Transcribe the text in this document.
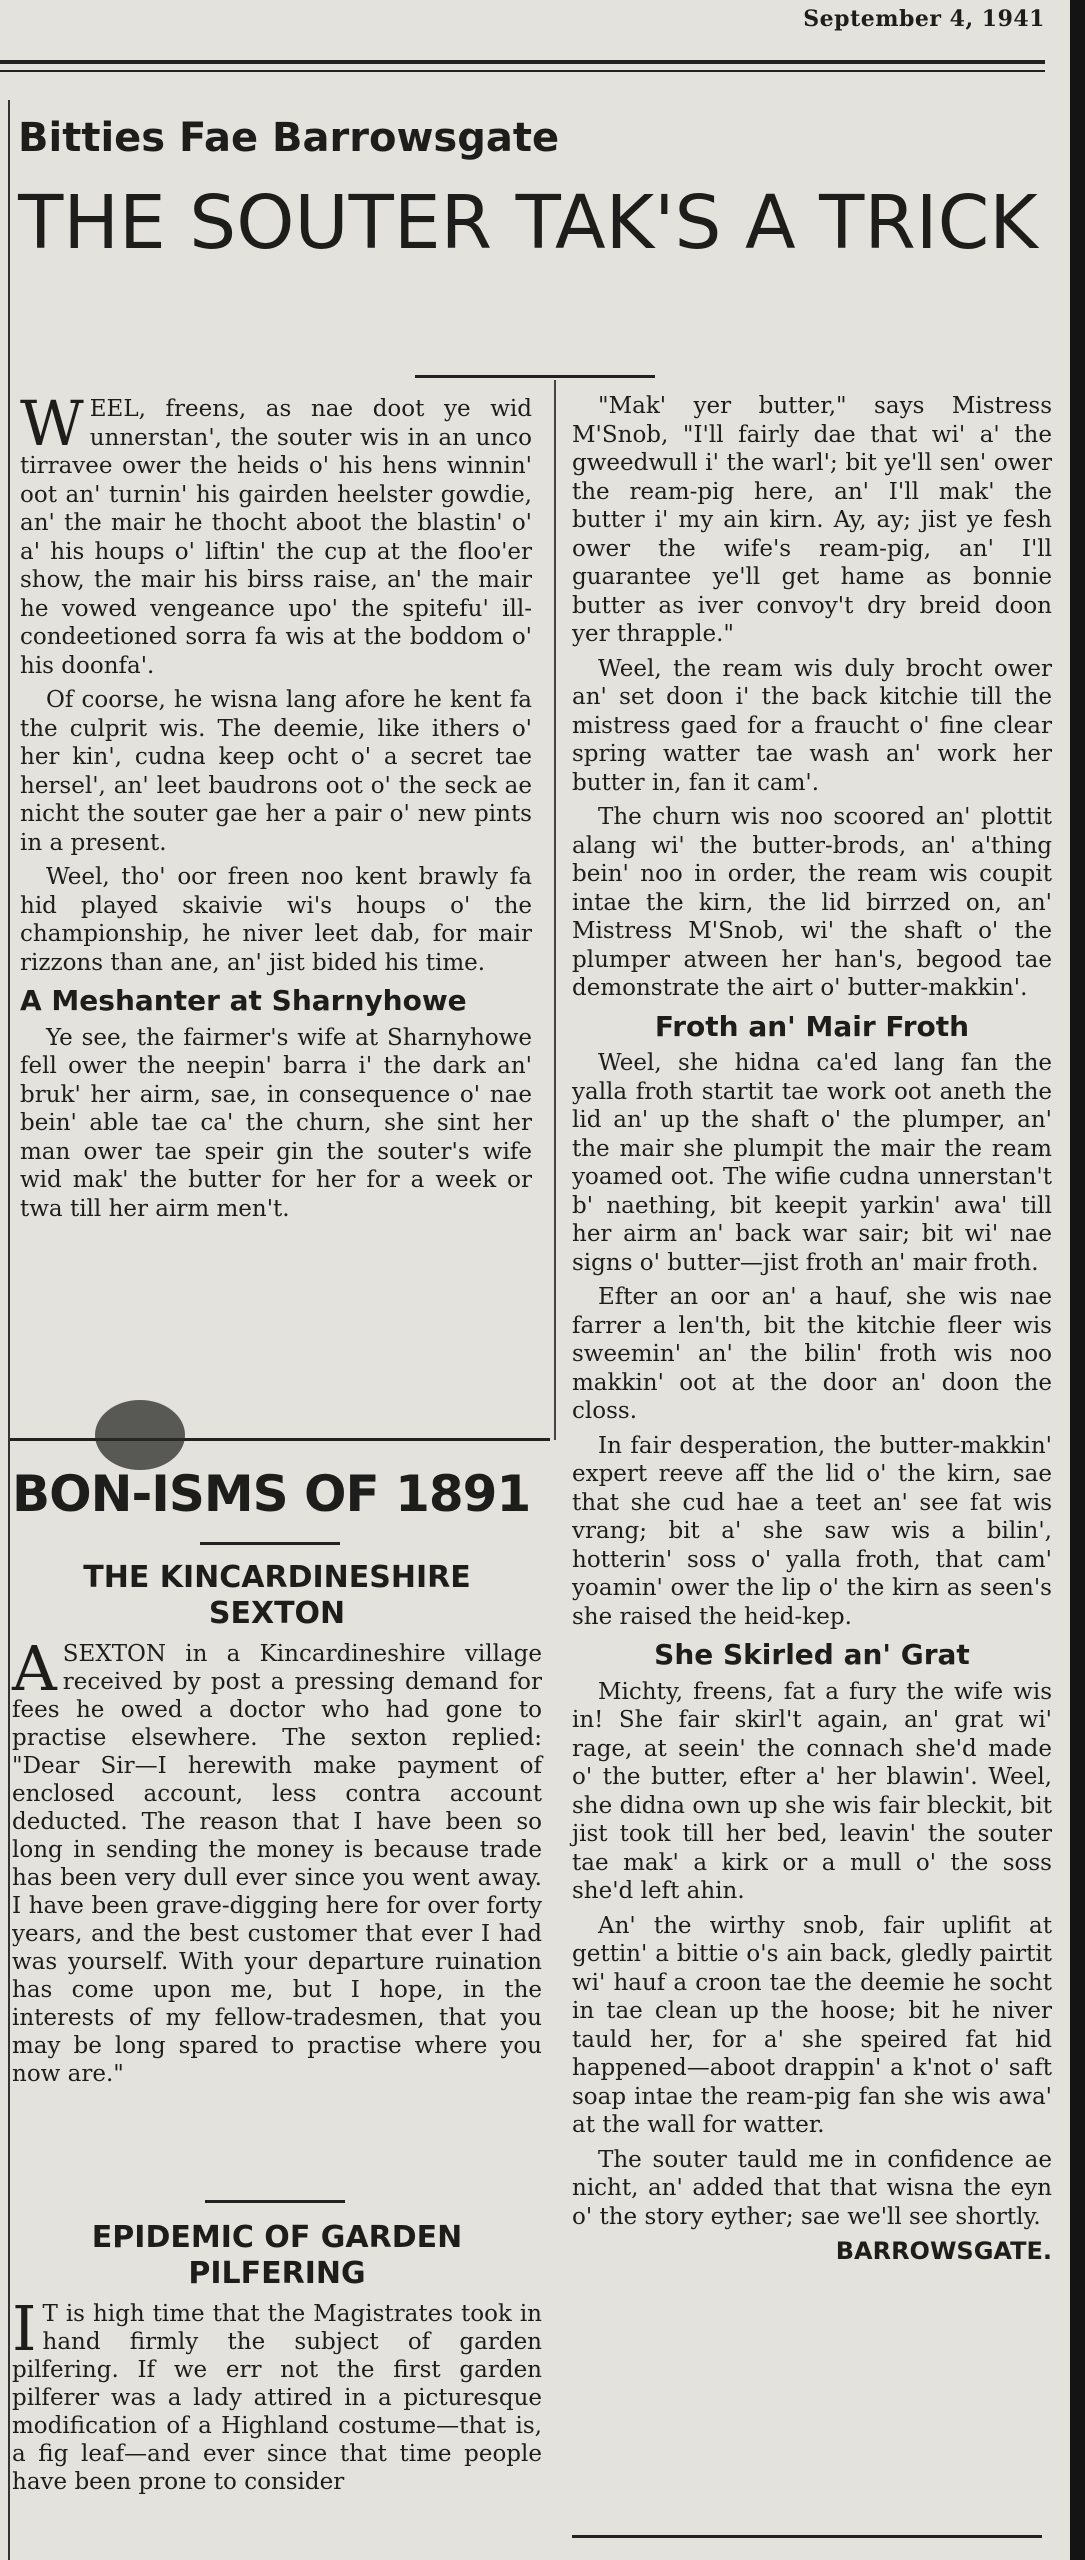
September 4, 1941
Bitties Fae Barrowsgate
THE SOUTER TAK'S A TRICK

WEEL, freens, as nae doot ye wid unnerstan', the souter wis in an unco tirravee ower the heids o' his hens winnin' oot an' turnin' his gairden heelster gowdie, an' the mair he thocht aboot the blastin' o' a' his houps o' liftin' the cup at the floo'er show, the mair his birss raise, an' the mair he vowed vengeance upo' the spitefu' ill-condeetioned sorra fa wis at the boddom o' his doonfa'.

Of coorse, he wisna lang afore he kent fa the culprit wis. The deemie, like ithers o' her kin', cudna keep ocht o' a secret tae hersel', an' leet baudrons oot o' the seck ae nicht the souter gae her a pair o' new pints in a present.

Weel, tho' oor freen noo kent brawly fa hid played skaivie wi's houps o' the championship, he niver leet dab, for mair rizzons than ane, an' jist bided his time.

A Meshanter at Sharnyhowe

Ye see, the fairmer's wife at Sharnyhowe fell ower the neepin' barra i' the dark an' bruk' her airm, sae, in consequence o' nae bein' able tae ca' the churn, she sint her man ower tae speir gin the souter's wife wid mak' the butter for her for a week or twa till her airm men't.

"Mak' yer butter," says Mistress M'Snob, "I'll fairly dae that wi' a' the gweedwull i' the warl'; bit ye'll sen' ower the ream-pig here, an' I'll mak' the butter i' my ain kirn. Ay, ay; jist ye fesh ower the wife's ream-pig, an' I'll guarantee ye'll get hame as bonnie butter as iver convoy't dry breid doon yer thrapple."

Weel, the ream wis duly brocht ower an' set doon i' the back kitchie till the mistress gaed for a fraucht o' fine clear spring watter tae wash an' work her butter in, fan it cam'.

The churn wis noo scoored an' plottit alang wi' the butter-brods, an' a'thing bein' noo in order, the ream wis coupit intae the kirn, the lid birrzed on, an' Mistress M'Snob, wi' the shaft o' the plumper atween her han's, begood tae demonstrate the airt o' butter-makkin'.

Froth an' Mair Froth

Weel, she hidna ca'ed lang fan the yalla froth startit tae work oot aneth the lid an' up the shaft o' the plumper, an' the mair she plumpit the mair the ream yoamed oot. The wifie cudna unnerstan't b' naething, bit keepit yarkin' awa' till her airm an' back war sair; bit wi' nae signs o' butter—jist froth an' mair froth.

Efter an oor an' a hauf, she wis nae farrer a len'th, bit the kitchie fleer wis sweemin' an' the bilin' froth wis noo makkin' oot at the door an' doon the closs.

In fair desperation, the butter-makkin' expert reeve aff the lid o' the kirn, sae that she cud hae a teet an' see fat wis vrang; bit a' she saw wis a bilin', hotterin' soss o' yalla froth, that cam' yoamin' ower the lip o' the kirn as seen's she raised the heid-kep.

She Skirled an' Grat

Michty, freens, fat a fury the wife wis in! She fair skirl't again, an' grat wi' rage, at seein' the connach she'd made o' the butter, efter a' her blawin'. Weel, she didna own up she wis fair bleckit, bit jist took till her bed, leavin' the souter tae mak' a kirk or a mull o' the soss she'd left ahin.

An' the wirthy snob, fair uplifit at gettin' a bittie o's ain back, gledly pairtit wi' hauf a croon tae the deemie he socht in tae clean up the hoose; bit he niver tauld her, for a' she speired fat hid happened—aboot drappin' a k'not o' saft soap intae the ream-pig fan she wis awa' at the wall for watter.

The souter tauld me in confidence ae nicht, an' added that that wisna the eyn o' the story eyther; sae we'll see shortly.

BARROWSGATE.

BON-ISMS OF 1891
THE KINCARDINESHIRE SEXTON

ASEXTON in a Kincardineshire village received by post a pressing demand for fees he owed a doctor who had gone to practise elsewhere. The sexton replied: "Dear Sir—I herewith make payment of enclosed account, less contra account deducted. The reason that I have been so long in sending the money is because trade has been very dull ever since you went away. I have been grave-digging here for over forty years, and the best customer that ever I had was yourself. With your departure ruination has come upon me, but I hope, in the interests of my fellow-tradesmen, that you may be long spared to practise where you now are."

EPIDEMIC OF GARDEN PILFERING

I T is high time that the Magistrates took in hand firmly the subject of garden pilfering. If we err not the first garden pilferer was a lady attired in a picturesque modification of a Highland costume—that is, a fig leaf—and ever since that time people have been prone to consider
